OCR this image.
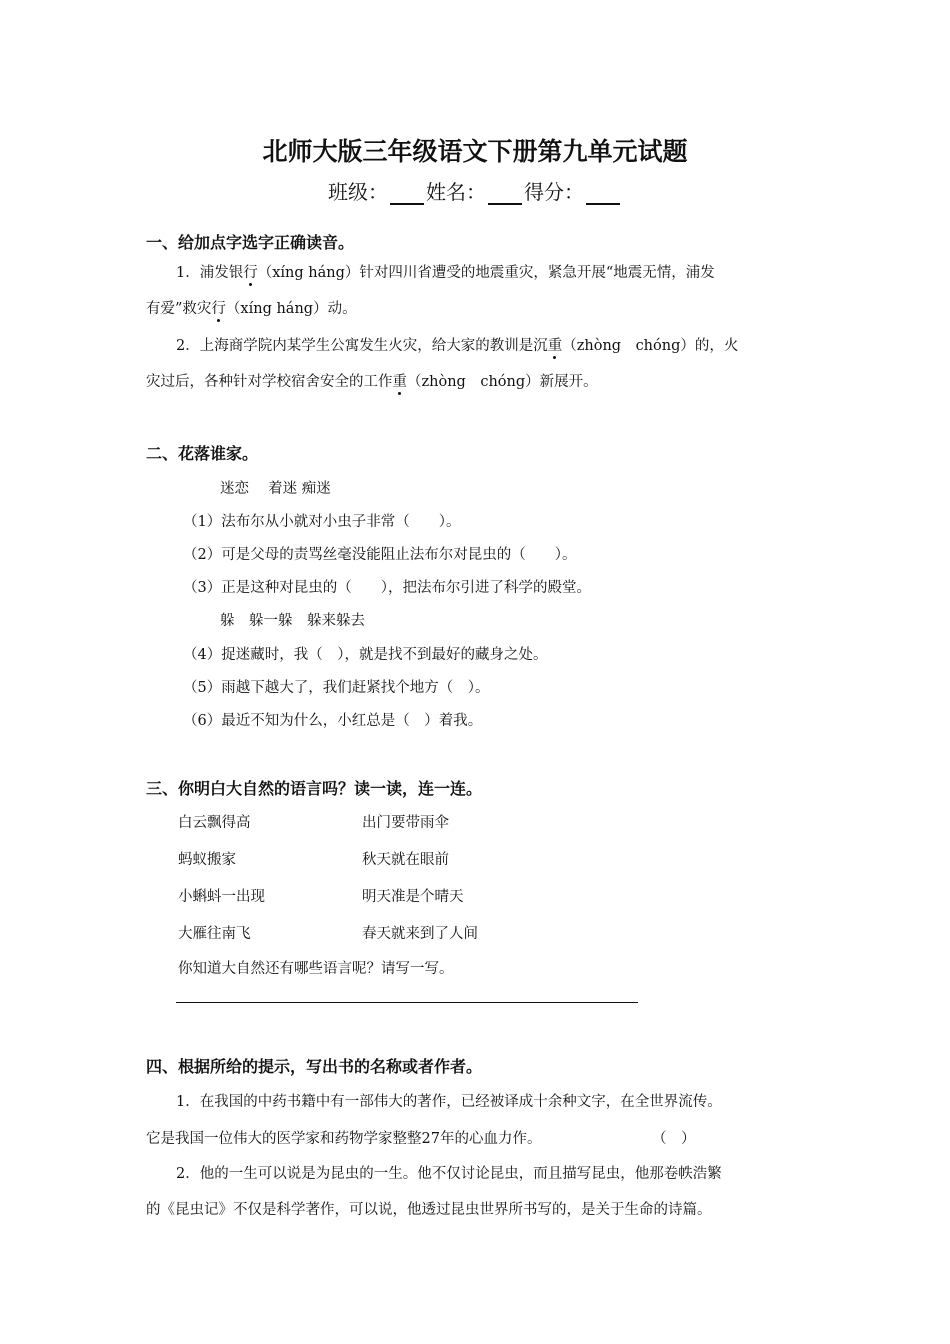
北师大版三年级语文下册第九单元试题
班级： 姓名： 得分：
一、给加点字选字正确读音。
1．浦发银行（xíng háng）针对四川省遭受的地震重灾，紧急开展“地震无情，浦发
有爱”救灾行（xíng háng）动。
2．上海商学院内某学生公寓发生火灾，给大家的教训是沉重（zhòng　chóng）的，火
灾过后，各种针对学校宿舍安全的工作重（zhòng　chóng）新展开。
二、花落谁家。
迷恋　 着迷 痴迷
（1）法布尔从小就对小虫子非常（　　）。
（2）可是父母的责骂丝毫没能阻止法布尔对昆虫的（　　）。
（3）正是这种对昆虫的（　　），把法布尔引进了科学的殿堂。
躲　躲一躲　躲来躲去
（4）捉迷藏时，我（　），就是找不到最好的藏身之处。
（5）雨越下越大了，我们赶紧找个地方（　）。
（6）最近不知为什么，小红总是（　）着我。
三、你明白大自然的语言吗？读一读，连一连。
白云飘得高	出门要带雨伞
蚂蚁搬家	秋天就在眼前
小蝌蚪一出现	明天准是个晴天
大雁往南飞	春天就来到了人间
你知道大自然还有哪些语言呢？请写一写。
四、根据所给的提示，写出书的名称或者作者。
1．在我国的中药书籍中有一部伟大的著作，已经被译成十余种文字，在全世界流传。
它是我国一位伟大的医学家和药物学家整整27年的心血力作。	（　）
2．他的一生可以说是为昆虫的一生。他不仅讨论昆虫，而且描写昆虫，他那卷帙浩繁
的《昆虫记》不仅是科学著作，可以说，他透过昆虫世界所书写的，是关于生命的诗篇。
